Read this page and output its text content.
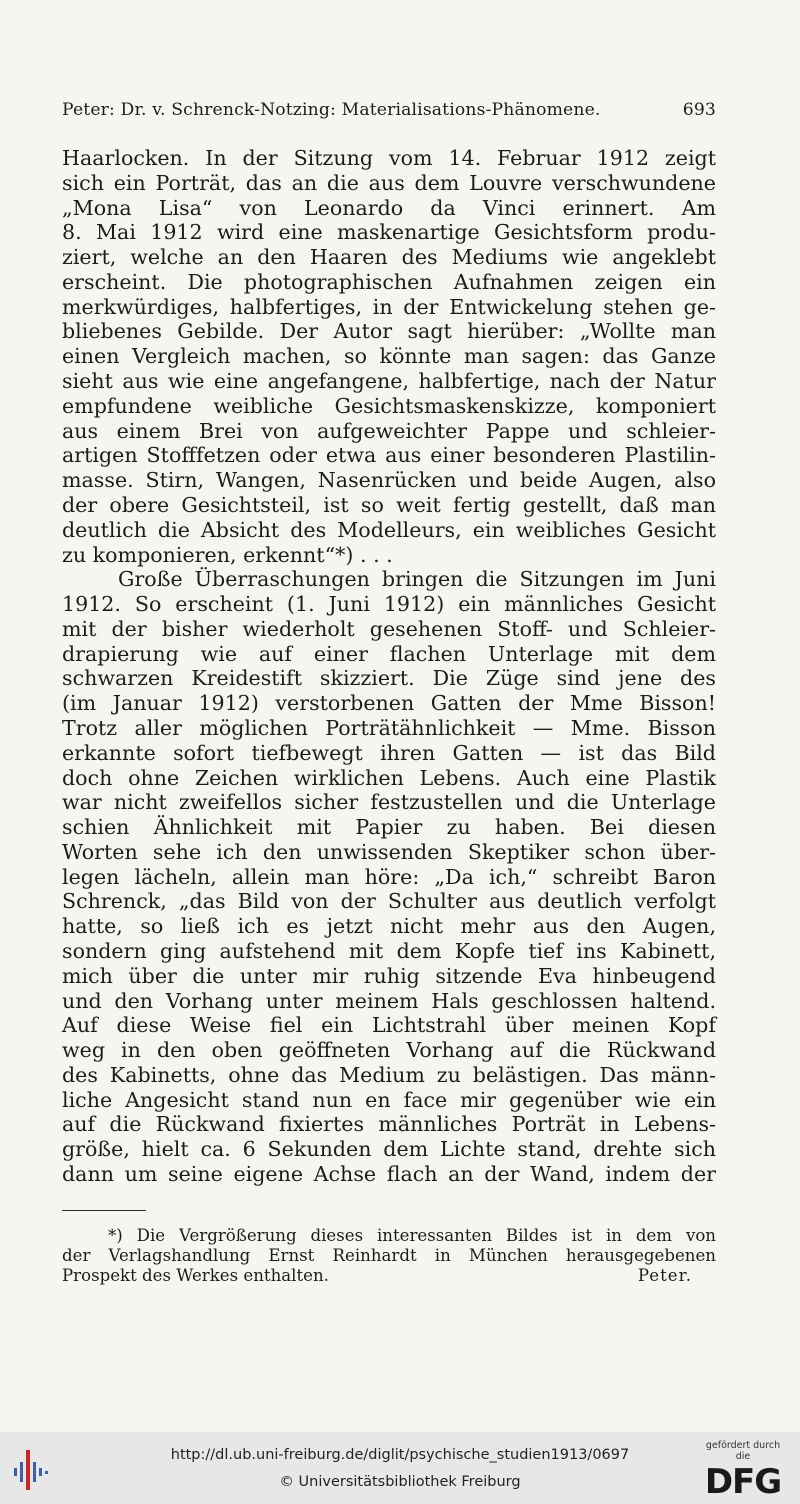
Peter: Dr. v. Schrenck-Notzing: Materialisations-Phänomene.	693
Haarlocken. In der Sitzung vom 14. Februar 1912 zeigt
sich ein Porträt, das an die aus dem Louvre verschwundene
„Mona Lisa“ von Leonardo da Vinci erinnert. Am
8. Mai 1912 wird eine maskenartige Gesichtsform produ-
ziert, welche an den Haaren des Mediums wie angeklebt
erscheint. Die photographischen Aufnahmen zeigen ein
merkwürdiges, halbfertiges, in der Entwickelung stehen ge-
bliebenes Gebilde. Der Autor sagt hierüber: „Wollte man
einen Vergleich machen, so könnte man sagen: das Ganze
sieht aus wie eine angefangene, halbfertige, nach der Natur
empfundene weibliche Gesichtsmaskenskizze, komponiert
aus einem Brei von aufgeweichter Pappe und schleier-
artigen Stofffetzen oder etwa aus einer besonderen Plastilin-
masse. Stirn, Wangen, Nasenrücken und beide Augen, also
der obere Gesichtsteil, ist so weit fertig gestellt, daß man
deutlich die Absicht des Modelleurs, ein weibliches Gesicht
zu komponieren, erkennt“*) . . .
Große Überraschungen bringen die Sitzungen im Juni
1912. So erscheint (1. Juni 1912) ein männliches Gesicht
mit der bisher wiederholt gesehenen Stoff- und Schleier-
drapierung wie auf einer flachen Unterlage mit dem
schwarzen Kreidestift skizziert. Die Züge sind jene des
(im Januar 1912) verstorbenen Gatten der Mme Bisson!
Trotz aller möglichen Porträtähnlichkeit — Mme. Bisson
erkannte sofort tiefbewegt ihren Gatten — ist das Bild
doch ohne Zeichen wirklichen Lebens. Auch eine Plastik
war nicht zweifellos sicher festzustellen und die Unterlage
schien Ähnlichkeit mit Papier zu haben. Bei diesen
Worten sehe ich den unwissenden Skeptiker schon über-
legen lächeln, allein man höre: „Da ich,“ schreibt Baron
Schrenck, „das Bild von der Schulter aus deutlich verfolgt
hatte, so ließ ich es jetzt nicht mehr aus den Augen,
sondern ging aufstehend mit dem Kopfe tief ins Kabinett,
mich über die unter mir ruhig sitzende Eva hinbeugend
und den Vorhang unter meinem Hals geschlossen haltend.
Auf diese Weise fiel ein Lichtstrahl über meinen Kopf
weg in den oben geöffneten Vorhang auf die Rückwand
des Kabinetts, ohne das Medium zu belästigen. Das männ-
liche Angesicht stand nun en face mir gegenüber wie ein
auf die Rückwand fixiertes männliches Porträt in Lebens-
größe, hielt ca. 6 Sekunden dem Lichte stand, drehte sich
dann um seine eigene Achse flach an der Wand, indem der
*) Die Vergrößerung dieses interessanten Bildes ist in dem von
der Verlagshandlung Ernst Reinhardt in München herausgegebenen
Prospekt des Werkes enthalten.	Peter.
http://dl.ub.uni-freiburg.de/diglit/psychische_studien1913/0697
© Universitätsbibliothek Freiburg
gefördert durch die
DFG
